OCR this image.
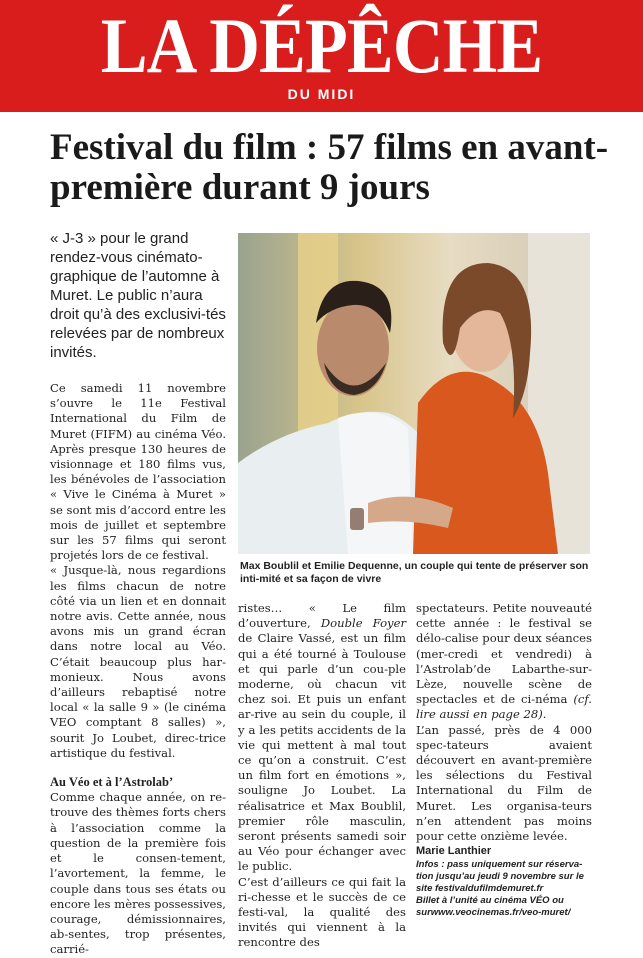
LA DÉPÊCHE
DU MIDI
Festival du film : 57 films en avant-première durant 9 jours
« J-3 » pour le grand rendez-vous cinémato-graphique de l’automne à Muret. Le public n’aura droit qu’à des exclusivi-tés relevées par de nombreux invités.
Max Boublil et Emilie Dequenne, un couple qui tente de préserver son inti-mité et sa façon de vivre

Ce samedi 11 novembre s’ouvre le 11e Festival International du Film de Muret (FIFM) au cinéma Véo. Après presque 130 heures de visionnage et 180 films vus, les bénévoles de l’association « Vive le Cinéma à Muret » se sont mis d’accord entre les mois de juillet et septembre sur les 57 films qui seront projetés lors de ce festival.

« Jusque-là, nous regardions les films chacun de notre côté via un lien et en donnait notre avis. Cette année, nous avons mis un grand écran dans notre local au Véo. C’était beaucoup plus har-monieux. Nous avons d’ailleurs rebaptisé notre local « la salle 9 » (le cinéma VEO comptant 8 salles) », sourit Jo Loubet, direc-trice artistique du festival.

Au Véo et à l’Astrolab’

Comme chaque année, on re-trouve des thèmes forts chers à l’association comme la question de la première fois et le consen-tement, l’avortement, la femme, le couple dans tous ses états ou encore les mères possessives, courage, démissionnaires, ab-sentes, trop présentes, carrié-

ristes… « Le film d’ouverture, Double Foyer de Claire Vassé, est un film qui a été tourné à Toulouse et qui parle d’un cou-ple moderne, où chacun vit chez soi. Et puis un enfant ar-rive au sein du couple, il y a les petits accidents de la vie qui mettent à mal tout ce qu’on a construit. C’est un film fort en émotions », souligne Jo Loubet. La réalisatrice et Max Boublil, premier rôle masculin, seront présents samedi soir au Véo pour échanger avec le public.

C’est d’ailleurs ce qui fait la ri-chesse et le succès de ce festi-val, la qualité des invités qui viennent à la rencontre des

spectateurs. Petite nouveauté cette année : le festival se délo-calise pour deux séances (mer-credi et vendredi) à l’Astrolab’de Labarthe-sur-Lèze, nouvelle scène de spectacles et de ci-néma (cf. lire aussi en page 28).

L’an passé, près de 4 000 spec-tateurs avaient découvert en avant-première les sélections du Festival International du Film de Muret. Les organisa-teurs n’en attendent pas moins pour cette onzième levée.

Marie Lanthier

Infos : pass uniquement sur réserva-tion jusqu’au jeudi 9 novembre sur le site festivaldufilmdemuret.fr

Billet à l’unité au cinéma VÉO ou surwww.veocinemas.fr/veo-muret/
